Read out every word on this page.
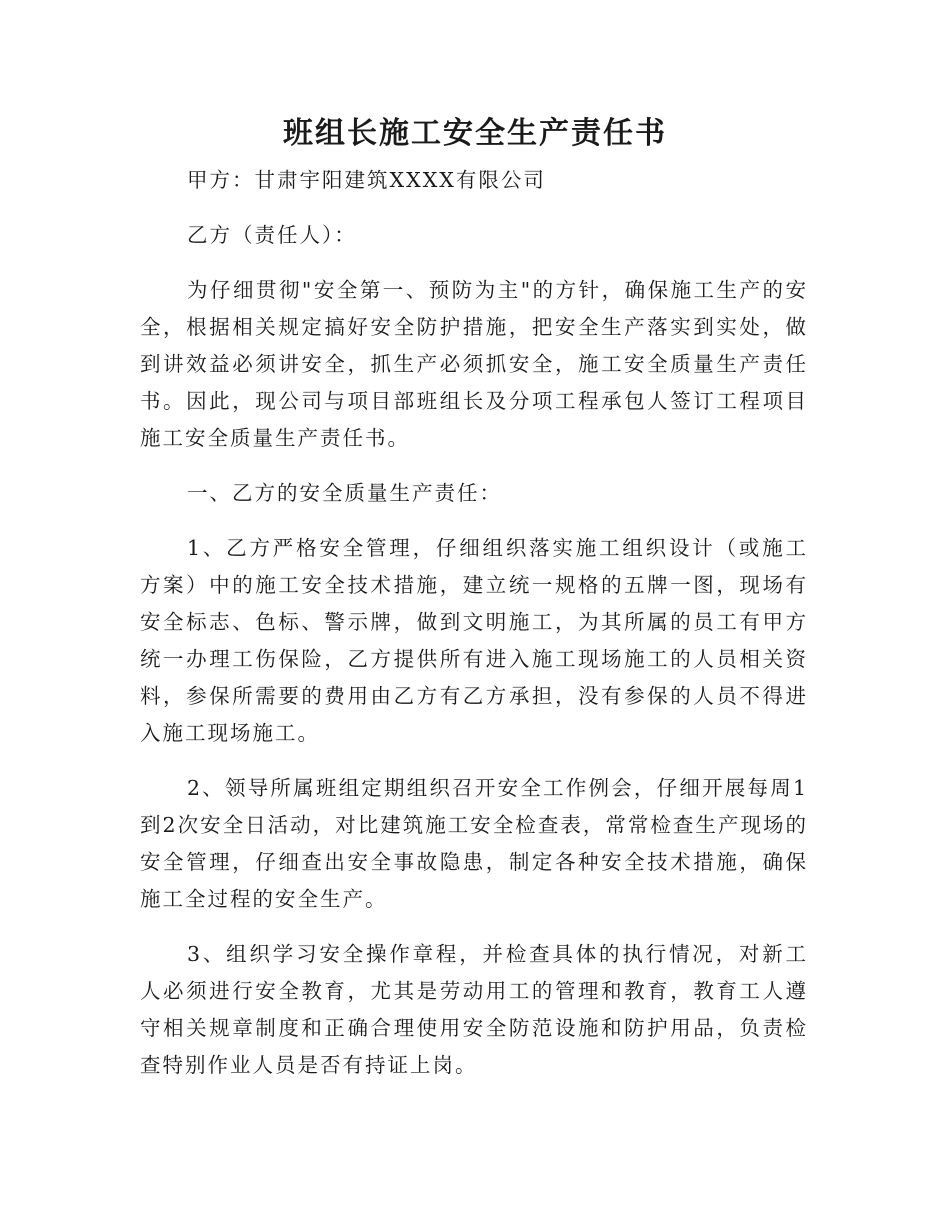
班组长施工安全生产责任书

甲方：甘肃宇阳建筑XXXX有限公司

乙方（责任人）：

为仔细贯彻"安全第一、预防为主"的方针，确保施工生产的安全，根据相关规定搞好安全防护措施，把安全生产落实到实处，做到讲效益必须讲安全，抓生产必须抓安全，施工安全质量生产责任书。因此，现公司与项目部班组长及分项工程承包人签订工程项目施工安全质量生产责任书。

一、乙方的安全质量生产责任：

1、乙方严格安全管理，仔细组织落实施工组织设计（或施工方案）中的施工安全技术措施，建立统一规格的五牌一图，现场有安全标志、色标、警示牌，做到文明施工，为其所属的员工有甲方统一办理工伤保险，乙方提供所有进入施工现场施工的人员相关资料，参保所需要的费用由乙方有乙方承担，没有参保的人员不得进入施工现场施工。

2、领导所属班组定期组织召开安全工作例会，仔细开展每周1到2次安全日活动，对比建筑施工安全检查表，常常检查生产现场的安全管理，仔细查出安全事故隐患，制定各种安全技术措施，确保施工全过程的安全生产。

3、组织学习安全操作章程，并检查具体的执行情况，对新工人必须进行安全教育，尤其是劳动用工的管理和教育，教育工人遵守相关规章制度和正确合理使用安全防范设施和防护用品，负责检查特别作业人员是否有持证上岗。
